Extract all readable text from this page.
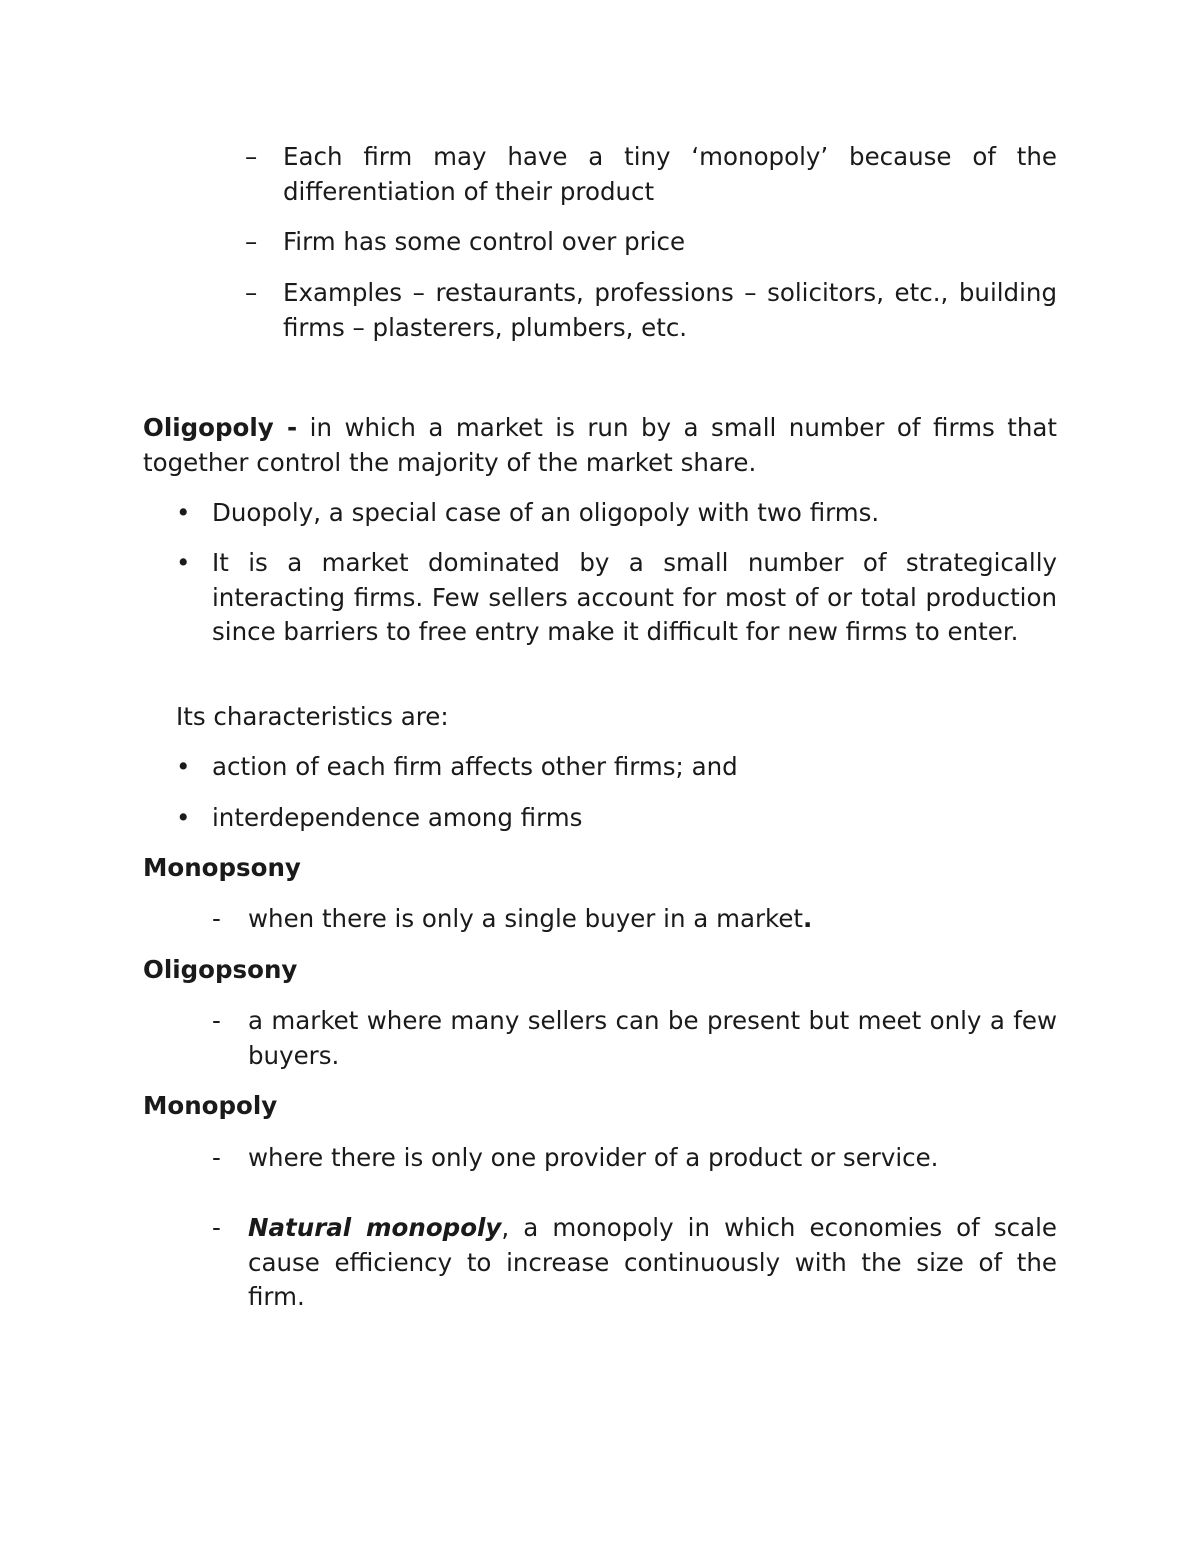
– Each firm may have a tiny ‘monopoly’ because of the differentiation of their product
– Firm has some control over price
– Examples – restaurants, professions – solicitors, etc., building firms – plasterers, plumbers, etc.
Oligopoly - in which a market is run by a small number of firms that together control the majority of the market share.
• Duopoly, a special case of an oligopoly with two firms.
• It is a market dominated by a small number of strategically interacting firms. Few sellers account for most of or total production since barriers to free entry make it difficult for new firms to enter.
Its characteristics are:
• action of each firm affects other firms; and
• interdependence among firms
Monopsony
- when there is only a single buyer in a market.
Oligopsony
- a market where many sellers can be present but meet only a few buyers.
Monopoly
- where there is only one provider of a product or service.
- Natural monopoly, a monopoly in which economies of scale cause efficiency to increase continuously with the size of the firm.
